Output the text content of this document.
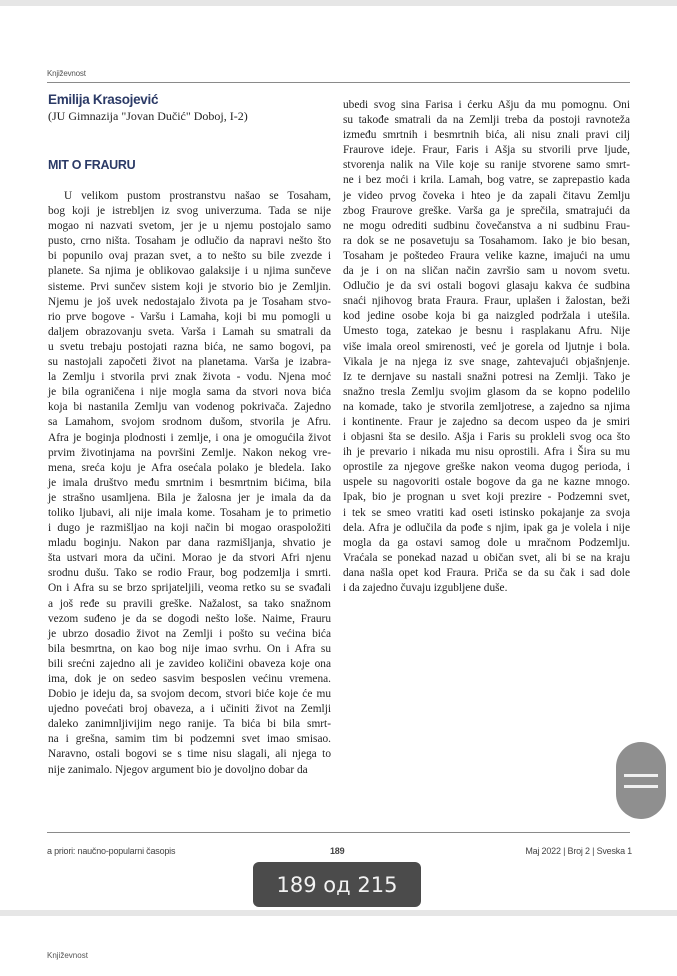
Književnost
Emilija Krasojević
(JU Gimnazija "Jovan Dučić" Doboj, I-2)
MIT O FRAURU
U velikom pustom prostranstvu našao se Tosaham,
bog koji je istrebljen iz svog univerzuma. Tada se nije
mogao ni nazvati svetom, jer je u njemu postojalo samo
pusto, crno ništa. Tosaham je odlučio da napravi nešto što
bi popunilo ovaj prazan svet, a to nešto su bile zvezde i
planete. Sa njima je oblikovao galaksije i u njima sunčeve
sisteme. Prvi sunčev sistem koji je stvorio bio je Zemljin.
Njemu je još uvek nedostajalo života pa je Tosaham stvo-
rio prve bogove - Varšu i Lamaha, koji bi mu pomogli u
daljem obrazovanju sveta. Varša i Lamah su smatrali da
u svetu trebaju postojati razna bića, ne samo bogovi, pa
su nastojali započeti život na planetama. Varša je izabra-
la Zemlju i stvorila prvi znak života - vodu. Njena moć
je bila ograničena i nije mogla sama da stvori nova bića
koja bi nastanila Zemlju van vodenog pokrivača. Zajedno
sa Lamahom, svojom srodnom dušom, stvorila je Afru.
Afra je boginja plodnosti i zemlje, i ona je omogućila život
prvim životinjama na površini Zemlje. Nakon nekog vre-
mena, sreća koju je Afra osećala polako je bledela. Iako
je imala društvo među smrtnim i besmrtnim bićima, bila
je strašno usamljena. Bila je žalosna jer je imala da da
toliko ljubavi, ali nije imala kome. Tosaham je to primetio
i dugo je razmišljao na koji način bi mogao oraspoložiti
mladu boginju. Nakon par dana razmišljanja, shvatio je
šta ustvari mora da učini. Morao je da stvori Afri njenu
srodnu dušu. Tako se rodio Fraur, bog podzemlja i smrti.
On i Afra su se brzo sprijateljili, veoma retko su se svađali
a još ređe su pravili greške. Nažalost, sa tako snažnom
vezom suđeno je da se dogodi nešto loše. Naime, Frauru
je ubrzo dosadio život na Zemlji i pošto su većina bića
bila besmrtna, on kao bog nije imao svrhu. On i Afra su
bili srećni zajedno ali je zavideo količini obaveza koje ona
ima, dok je on sedeo sasvim besposlen većinu vremena.
Dobio je ideju da, sa svojom decom, stvori biće koje će mu
ujedno povećati broj obaveza, a i učiniti život na Zemlji
daleko zanimnljivijim nego ranije. Ta bića bi bila smrt-
na i grešna, samim tim bi podzemni svet imao smisao.
Naravno, ostali bogovi se s time nisu slagali, ali njega to
nije zanimalo. Njegov argument bio je dovoljno dobar da
ubedi svog sina Farisa i ćerku Ašju da mu pomognu. Oni
su takođe smatrali da na Zemlji treba da postoji ravnoteža
između smrtnih i besmrtnih bića, ali nisu znali pravi cilj
Fraurove ideje. Fraur, Faris i Ašja su stvorili prve ljude,
stvorenja nalik na Vile koje su ranije stvorene samo smrt-
ne i bez moći i krila. Lamah, bog vatre, se zaprepastio kada
je video prvog čoveka i hteo je da zapali čitavu Zemlju
zbog Fraurove greške. Varša ga je sprečila, smatrajući da
ne mogu odrediti sudbinu čovečanstva a ni sudbinu Frau-
ra dok se ne posavetuju sa Tosahamom. Iako je bio besan,
Tosaham je poštedeo Fraura velike kazne, imajući na umu
da je i on na sličan način završio sam u novom svetu.
Odlučio je da svi ostali bogovi glasaju kakva će sudbina
snaći njihovog brata Fraura. Fraur, uplašen i žalostan, beži
kod jedine osobe koja bi ga naizgled podržala i utešila.
Umesto toga, zatekao je besnu i rasplakanu Afru. Nije
više imala oreol smirenosti, već je gorela od ljutnje i bola.
Vikala je na njega iz sve snage, zahtevajući objašnjenje.
Iz te dernjave su nastali snažni potresi na Zemlji. Tako je
snažno tresla Zemlju svojim glasom da se kopno podelilo
na komade, tako je stvorila zemljotrese, a zajedno sa njima
i kontinente. Fraur je zajedno sa decom uspeo da je smiri
i objasni šta se desilo. Ašja i Faris su prokleli svog oca što
ih je prevario i nikada mu nisu oprostili. Afra i Šira su mu
oprostile za njegove greške nakon veoma dugog perioda, i
uspele su nagovoriti ostale bogove da ga ne kazne mnogo.
Ipak, bio je prognan u svet koji prezire - Podzemni svet,
i tek se smeo vratiti kad oseti istinsko pokajanje za svoja
dela. Afra je odlučila da pođe s njim, ipak ga je volela i nije
mogla da ga ostavi samog dole u mračnom Podzemlju.
Vraćala se ponekad nazad u običan svet, ali bi se na kraju
dana našla opet kod Fraura. Priča se da su čak i sad dole
i da zajedno čuvaju izgubljene duše.
a priori: naučno-popularni časopis	189	Maj 2022 | Broj 2 | Sveska 1
Književnost
189 од 215
